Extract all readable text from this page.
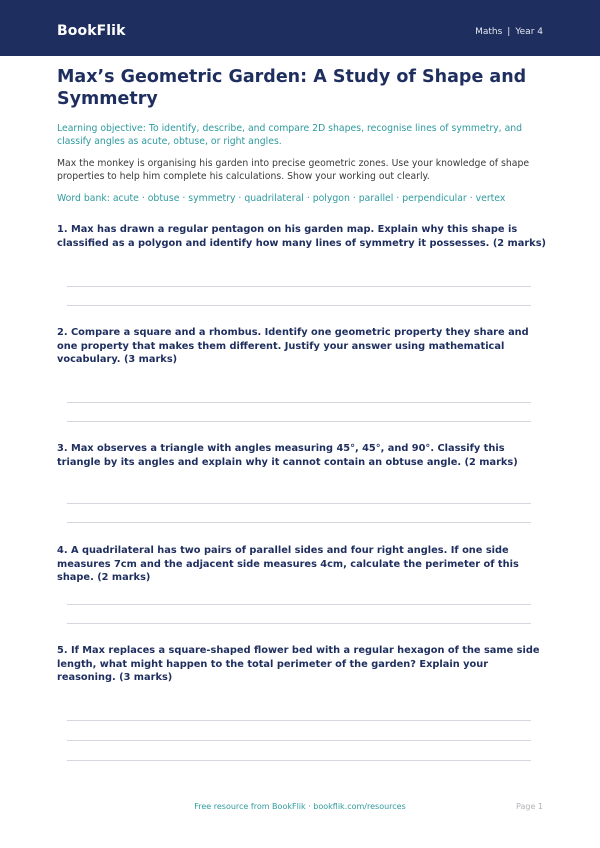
BookFlik	Maths | Year 4
Max’s Geometric Garden: A Study of Shape and Symmetry

Learning objective: To identify, describe, and compare 2D shapes, recognise lines of symmetry, and classify angles as acute, obtuse, or right angles.

Max the monkey is organising his garden into precise geometric zones. Use your knowledge of shape properties to help him complete his calculations. Show your working out clearly.

Word bank: acute · obtuse · symmetry · quadrilateral · polygon · parallel · perpendicular · vertex

1. Max has drawn a regular pentagon on his garden map. Explain why this shape is classified as a polygon and identify how many lines of symmetry it possesses. (2 marks)

2. Compare a square and a rhombus. Identify one geometric property they share and one property that makes them different. Justify your answer using mathematical vocabulary. (3 marks)

3. Max observes a triangle with angles measuring 45°, 45°, and 90°. Classify this triangle by its angles and explain why it cannot contain an obtuse angle. (2 marks)

4. A quadrilateral has two pairs of parallel sides and four right angles. If one side measures 7cm and the adjacent side measures 4cm, calculate the perimeter of this shape. (2 marks)

5. If Max replaces a square-shaped flower bed with a regular hexagon of the same side length, what might happen to the total perimeter of the garden? Explain your reasoning. (3 marks)

Free resource from BookFlik · bookflik.com/resources	Page 1
